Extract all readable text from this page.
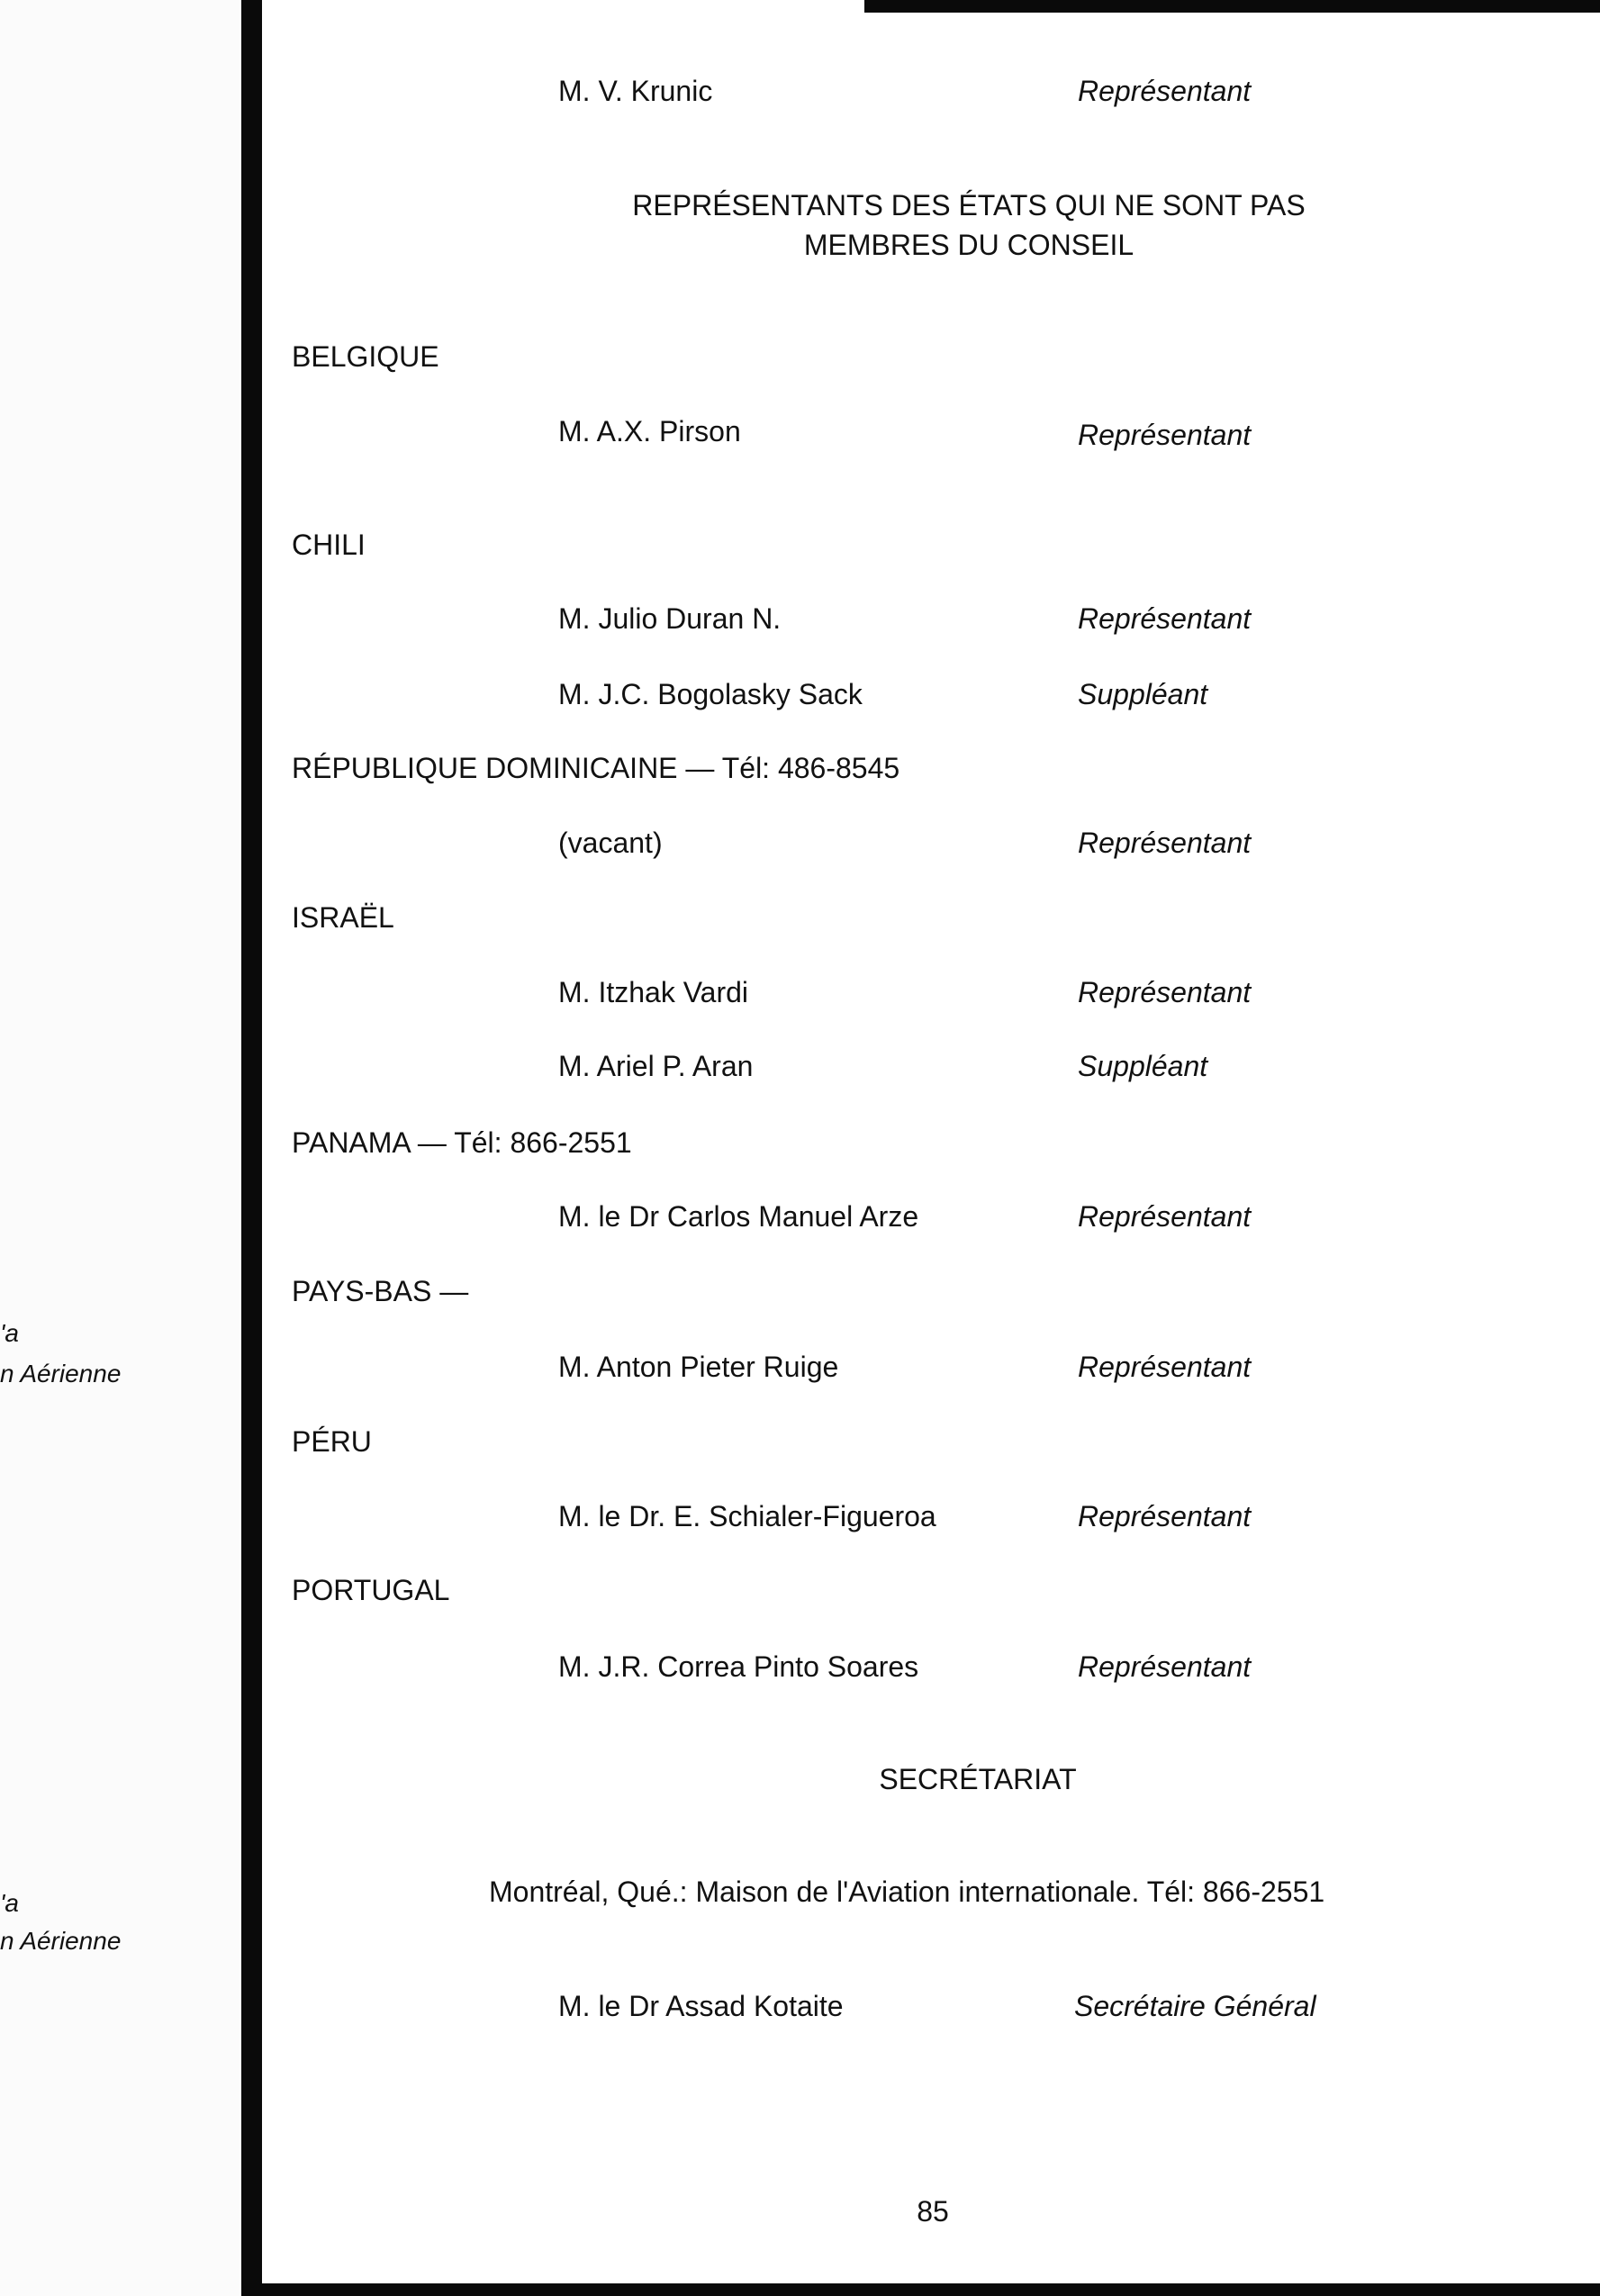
'a
n Aérienne
'a
n Aérienne
M. V. Krunic	Représentant
REPRÉSENTANTS DES ÉTATS QUI NE SONT PAS
MEMBRES DU CONSEIL
BELGIQUE
M. A.X. Pirson	Représentant
CHILI
M. Julio Duran N.	Représentant
M. J.C. Bogolasky Sack	Suppléant
RÉPUBLIQUE DOMINICAINE — Tél: 486-8545
(vacant)	Représentant
ISRAËL
M. Itzhak Vardi	Représentant
M. Ariel P. Aran	Suppléant
PANAMA — Tél: 866-2551
M. le Dr Carlos Manuel Arze	Représentant
PAYS-BAS —
M. Anton Pieter Ruige	Représentant
PÉRU
M. le Dr. E. Schialer-Figueroa	Représentant
PORTUGAL
M. J.R. Correa Pinto Soares	Représentant
SECRÉTARIAT
Montréal, Qué.: Maison de l'Aviation internationale. Tél: 866-2551
M. le Dr Assad Kotaite	Secrétaire Général
85
